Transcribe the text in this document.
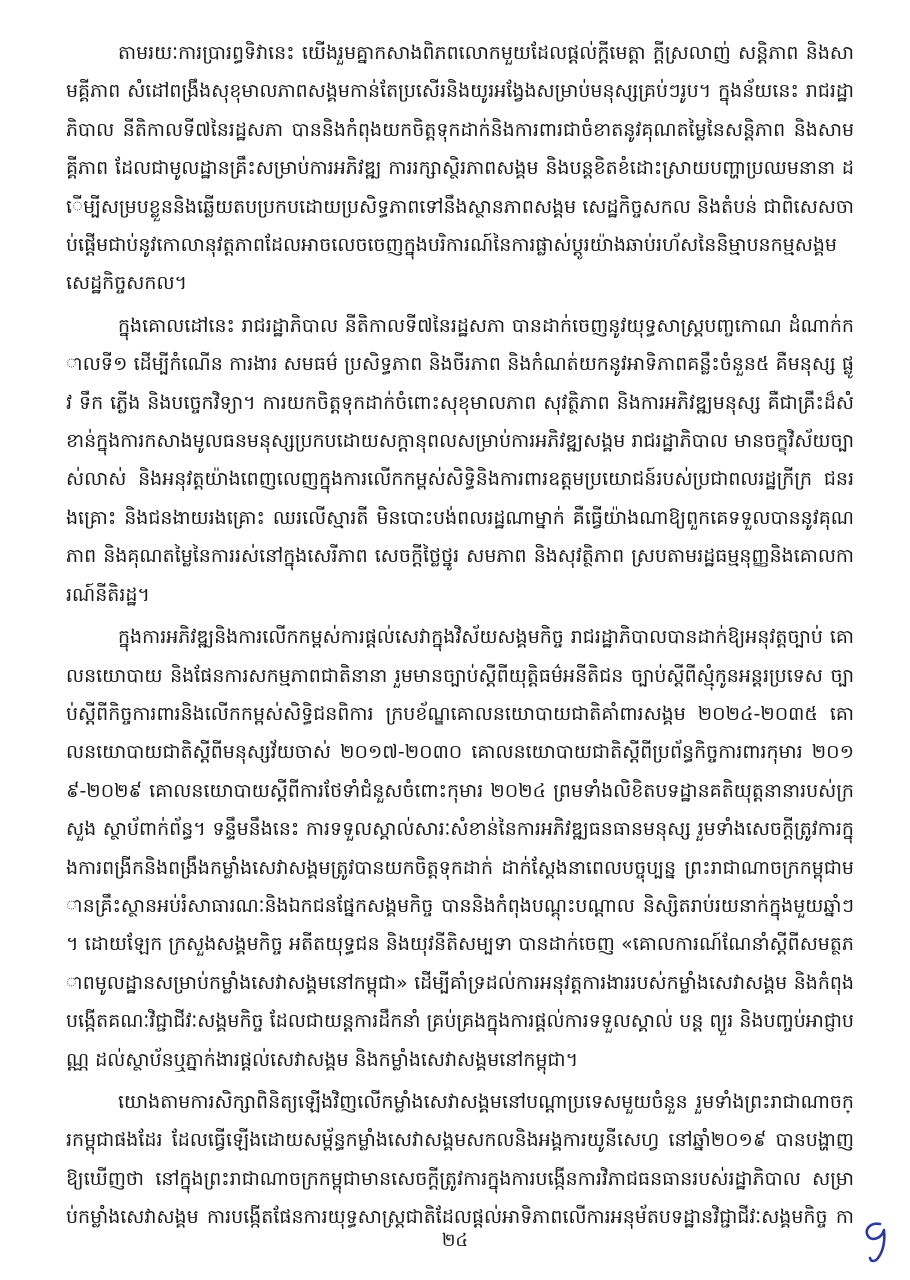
តាមរយៈការប្រារព្ធទិវានេះ យើងរួមគ្នាកសាងពិភពលោកមួយដែលផ្តល់ក្តីមេត្តា ក្តីស្រលាញ់ សន្តិភាព និងសាមគ្គីភាព សំដៅពង្រឹងសុខុមាលភាពសង្គមកាន់តែប្រសើរនិងយូរអង្វែងសម្រាប់មនុស្សគ្រប់ៗរូប។ ក្នុងន័យនេះ រាជរដ្ឋាភិបាល នីតិកាលទី៧នៃរដ្ឋសភា បាននិងកំពុងយកចិត្តទុកដាក់និងការពារជាចំខាតនូវគុណតម្លៃនៃសន្តិភាព និងសាមគ្គីភាព ដែលជាមូលដ្ឋានគ្រឹះសម្រាប់ការអភិវឌ្ឍ ការរក្សាស្ថិរភាពសង្គម និងបន្តខិតខំដោះស្រាយបញ្ហាប្រឈមនានា ដើម្បីសម្របខ្លួននិងឆ្លើយតបប្រកបដោយប្រសិទ្ធភាពទៅនឹងស្ថានភាពសង្គម សេដ្ឋកិច្ចសកល និងតំបន់ ជាពិសេសចាប់ផ្តើមជាប់នូវកោលានុវត្តភាពដែលអាចលេចចេញក្នុងបរិការណ៍នៃការផ្លាស់ប្តូរយ៉ាងឆាប់រហ័សនៃនិម្មាបនកម្មសង្គម សេដ្ឋកិច្ចសកល។

ក្នុងគោលដៅនេះ រាជរដ្ឋាភិបាល នីតិកាលទី៧នៃរដ្ឋសភា បានដាក់ចេញនូវយុទ្ធសាស្ត្របញ្ចកោណ ដំណាក់កាលទី១ ដើម្បីកំណើន ការងារ សមធម៌ ប្រសិទ្ធភាព និងចីរភាព និងកំណត់យកនូវអាទិភាពគន្លឹះចំនួន៥ គឺមនុស្ស ផ្លូវ ទឹក ភ្លើង និងបច្ចេកវិទ្យា។ ការយកចិត្តទុកដាក់ចំពោះសុខុមាលភាព សុវត្ថិភាព និងការអភិវឌ្ឍមនុស្ស គឺជាគ្រឹះដ៏សំខាន់ក្នុងការកសាងមូលធនមនុស្សប្រកបដោយសក្តានុពលសម្រាប់ការអភិវឌ្ឍសង្គម រាជរដ្ឋាភិបាល មានចក្ខុវិស័យច្បាស់លាស់ និងអនុវត្តយ៉ាងពេញលេញក្នុងការលើកកម្ពស់សិទ្ធិនិងការពារឧត្តមប្រយោជន៍របស់ប្រជាពលរដ្ឋក្រីក្រ ជនរងគ្រោះ និងជនងាយរងគ្រោះ ឈរលើស្មារតី មិនបោះបង់ពលរដ្ឋណាម្នាក់ គឺធ្វើយ៉ាងណាឱ្យពួកគេទទួលបាននូវគុណភាព និងគុណតម្លៃនៃការរស់នៅក្នុងសេរីភាព សេចក្តីថ្លៃថ្នូរ សមភាព និងសុវត្ថិភាព ស្របតាមរដ្ឋធម្មនុញ្ញនិងគោលការណ៍នីតិរដ្ឋ។

ក្នុងការអភិវឌ្ឍនិងការលើកកម្ពស់ការផ្តល់សេវាក្នុងវិស័យសង្គមកិច្ច រាជរដ្ឋាភិបាលបានដាក់ឱ្យអនុវត្តច្បាប់ គោលនយោបាយ និងផែនការសកម្មភាពជាតិនានា រួមមានច្បាប់ស្តីពីយុត្តិធម៌អនីតិជន ច្បាប់ស្តីពីស្មុំកូនអន្តរប្រទេស ច្បាប់ស្តីពីកិច្ចការពារនិងលើកកម្ពស់សិទ្ធិជនពិការ ក្របខ័ណ្ឌគោលនយោបាយជាតិគាំពារសង្គម ២០២៤-២០៣៥ គោលនយោបាយជាតិស្តីពីមនុស្សវ័យចាស់ ២០១៧-២០៣០ គោលនយោបាយជាតិស្តីពីប្រព័ន្ធកិច្ចការពារកុមារ ២០១៩-២០២៩ គោលនយោបាយស្តីពីការថែទាំជំនួសចំពោះកុមារ ២០២៤ ព្រមទាំងលិខិតបទដ្ឋានគតិយុត្តនានារបស់ក្រសួង ស្ថាប័ពាក់ព័ន្ធ។ ទន្ទឹមនឹងនេះ ការទទួលស្គាល់សារៈសំខាន់នៃការអភិវឌ្ឍធនធានមនុស្ស រួមទាំងសេចក្តីត្រូវការក្នុងការពង្រីកនិងពង្រឹងកម្លាំងសេវាសង្គមត្រូវបានយកចិត្តទុកដាក់ ដាក់ស្តែងនាពេលបច្ចុប្បន្ន ព្រះរាជាណាចក្រកម្ពុជាមានគ្រឹះស្ថានអប់រំសាធារណៈនិងឯកជនផ្នែកសង្គមកិច្ច បាននិងកំពុងបណ្តុះបណ្តាល និស្សិតរាប់រយនាក់ក្នុងមួយឆ្នាំៗ។ ដោយឡែក ក្រសួងសង្គមកិច្ច អតីតយុទ្ធជន និងយុវនីតិសម្បទា បានដាក់ចេញ «គោលការណ៍ណែនាំស្តីពីសមត្ថភាពមូលដ្ឋានសម្រាប់កម្លាំងសេវាសង្គមនៅកម្ពុជា» ដើម្បីគាំទ្រដល់ការអនុវត្តការងាររបស់កម្លាំងសេវាសង្គម និងកំពុងបង្កើតគណៈវិជ្ជាជីវៈសង្គមកិច្ច ដែលជាយន្តការដឹកនាំ គ្រប់គ្រងក្នុងការផ្តល់ការទទួលស្គាល់ បន្ត ព្យួរ និងបញ្ចប់អាជ្ញាបណ្ណ ដល់ស្ថាប័នឬភ្នាក់ងារផ្តល់សេវាសង្គម និងកម្លាំងសេវាសង្គមនៅកម្ពុជា។

យោងតាមការសិក្សាពិនិត្យឡើងវិញលើកម្លាំងសេវាសង្គមនៅបណ្តាប្រទេសមួយចំនួន រួមទាំងព្រះរាជាណាចក្រកម្ពុជាផងដែរ ដែលធ្វើឡើងដោយសម្ព័ន្ធកម្លាំងសេវាសង្គមសកលនិងអង្គការយូនីសេហ្វ នៅឆ្នាំ២០១៩ បានបង្ហាញឱ្យឃើញថា នៅក្នុងព្រះរាជាណាចក្រកម្ពុជាមានសេចក្តីត្រូវការក្នុងការបង្កើនការវិភាជធនធានរបស់រដ្ឋាភិបាល សម្រាប់កម្លាំងសេវាសង្គម ការបង្កើតផែនការយុទ្ធសាស្ត្រជាតិដែលផ្តល់អាទិភាពលើការអនុម័តបទដ្ឋានវិជ្ជាជីវៈសង្គមកិច្ច កា

២៤
